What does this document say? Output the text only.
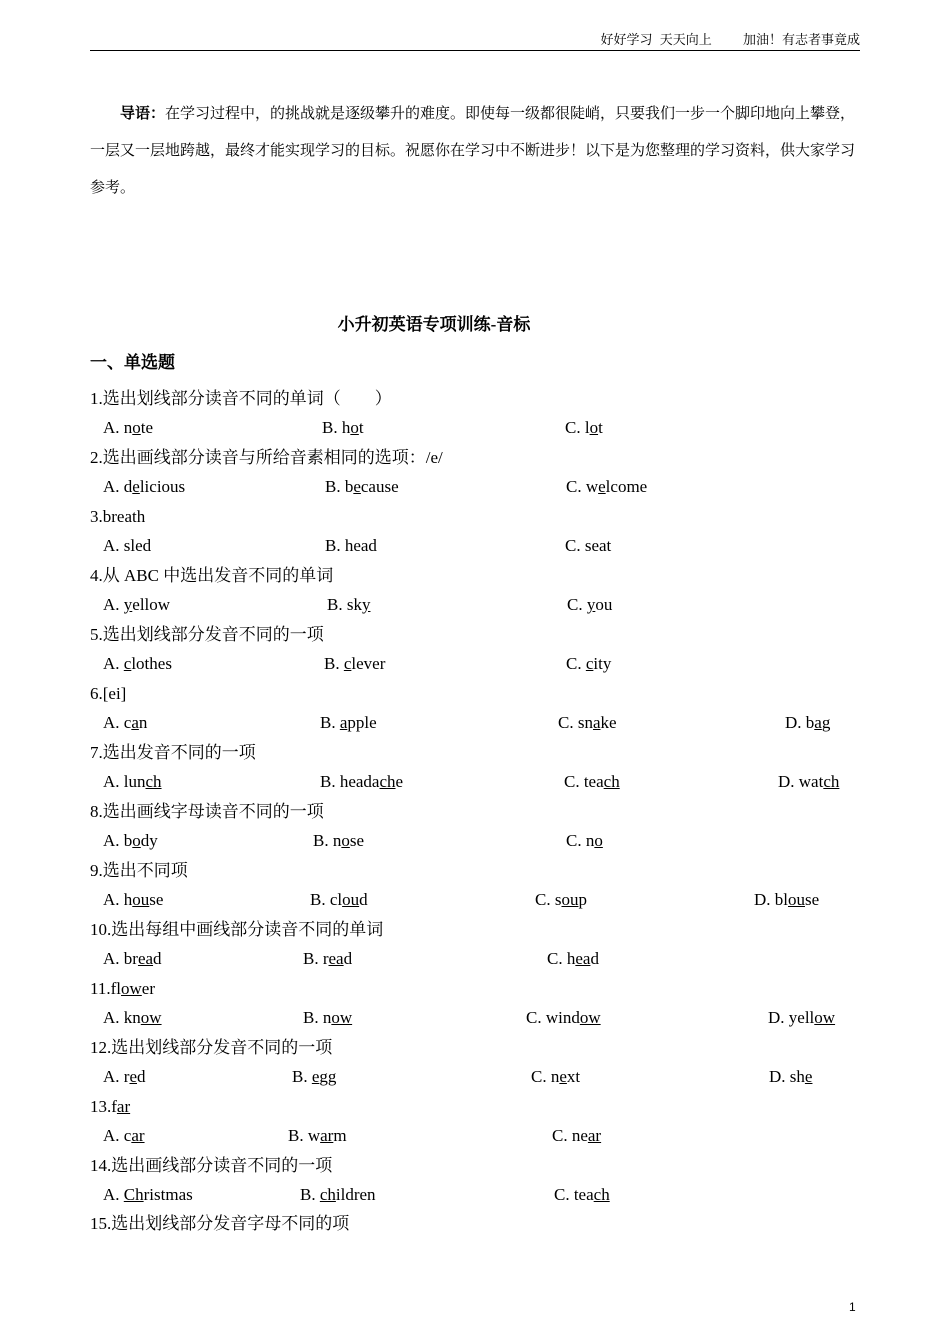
好好学习 天天向上 加油！有志者事竟成
导语：在学习过程中，的挑战就是逐级攀升的难度。即使每一级都很陡峭，只要我们一步一个脚印地向上攀登，一层又一层地跨越，最终才能实现学习的目标。祝愿你在学习中不断进步！以下是为您整理的学习资料，供大家学习参考。
小升初英语专项训练-音标
一、单选题
1.选出划线部分读音不同的单词（　　）
A. note	B. hot	C. lot
2.选出画线部分读音与所给音素相同的选项：/e/
A. delicious	B. because	C. welcome
3.breath
A. sled	B. head	C. seat
4.从 ABC 中选出发音不同的单词
A. yellow	B. sky	C. you
5.选出划线部分发音不同的一项
A. clothes	B. clever	C. city
6.[ei]
A. can	B. apple	C. snake	D. bag
7.选出发音不同的一项
A. lunch	B. headache	C. teach	D. watch
8.选出画线字母读音不同的一项
A. body	B. nose	C. no
9.选出不同项
A. house	B. cloud	C. soup	D. blouse
10.选出每组中画线部分读音不同的单词
A. bread	B. read	C. head
11.flower
A. know	B. now	C. window	D. yellow
12.选出划线部分发音不同的一项
A. red	B. egg	C. next	D. she
13.far
A. car	B. warm	C. near
14.选出画线部分读音不同的一项
A. Christmas	B. children	C. teach
15.选出划线部分发音字母不同的项
1
